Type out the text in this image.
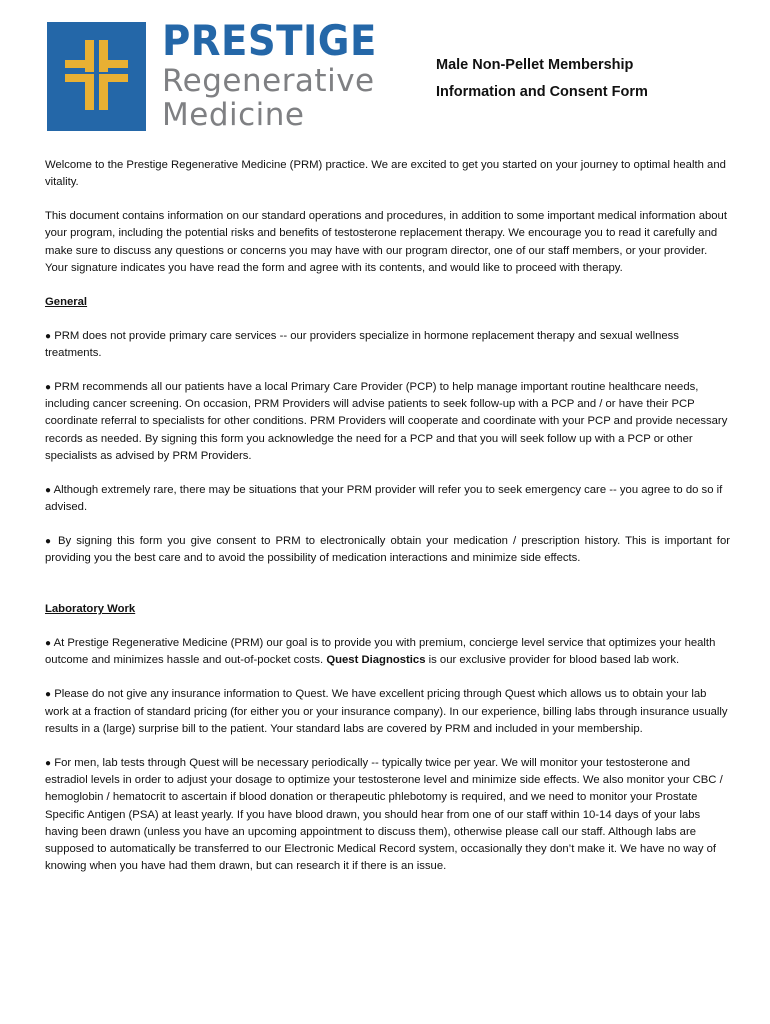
PRESTIGE
Regenerative
Medicine
Male Non-Pellet Membership
Information and Consent Form

Welcome to the Prestige Regenerative Medicine (PRM) practice. We are excited to get you started on your journey to optimal health and vitality.

This document contains information on our standard operations and procedures, in addition to some important medical information about your program, including the potential risks and benefits of testosterone replacement therapy. We encourage you to read it carefully and make sure to discuss any questions or concerns you may have with our program director, one of our staff members, or your provider. Your signature indicates you have read the form and agree with its contents, and would like to proceed with therapy.

General

● PRM does not provide primary care services -- our providers specialize in hormone replacement therapy and sexual wellness treatments.

● PRM recommends all our patients have a local Primary Care Provider (PCP) to help manage important routine healthcare needs, including cancer screening. On occasion, PRM Providers will advise patients to seek follow-up with a PCP and / or have their PCP coordinate referral to specialists for other conditions. PRM Providers will cooperate and coordinate with your PCP and provide necessary records as needed. By signing this form you acknowledge the need for a PCP and that you will seek follow up with a PCP or other specialists as advised by PRM Providers.

● Although extremely rare, there may be situations that your PRM provider will refer you to seek emergency care -- you agree to do so if advised.

● By signing this form you give consent to PRM to electronically obtain your medication / prescription history. This is important for providing you the best care and to avoid the possibility of medication interactions and minimize side effects.

Laboratory Work

● At Prestige Regenerative Medicine (PRM) our goal is to provide you with premium, concierge level service that optimizes your health outcome and minimizes hassle and out-of-pocket costs. Quest Diagnostics is our exclusive provider for blood based lab work.

● Please do not give any insurance information to Quest. We have excellent pricing through Quest which allows us to obtain your lab work at a fraction of standard pricing (for either you or your insurance company). In our experience, billing labs through insurance usually results in a (large) surprise bill to the patient. Your standard labs are covered by PRM and included in your membership.

● For men, lab tests through Quest will be necessary periodically -- typically twice per year. We will monitor your testosterone and estradiol levels in order to adjust your dosage to optimize your testosterone level and minimize side effects. We also monitor your CBC / hemoglobin / hematocrit to ascertain if blood donation or therapeutic phlebotomy is required, and we need to monitor your Prostate Specific Antigen (PSA) at least yearly. If you have blood drawn, you should hear from one of our staff within 10-14 days of your labs having been drawn (unless you have an upcoming appointment to discuss them), otherwise please call our staff. Although labs are supposed to automatically be transferred to our Electronic Medical Record system, occasionally they don’t make it. We have no way of knowing when you have had them drawn, but can research it if there is an issue.
